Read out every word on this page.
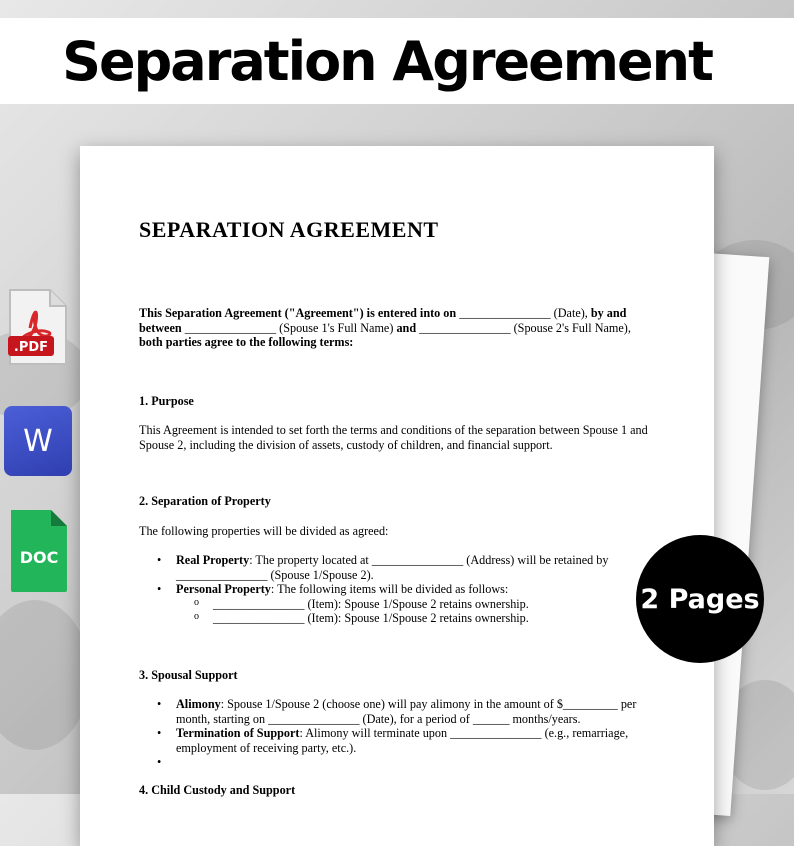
Separation Agreement
SEPARATION AGREEMENT
This Separation Agreement ("Agreement") is entered into on _______________ (Date), by and between _______________ (Spouse 1's Full Name) and _______________ (Spouse 2's Full Name), both parties agree to the following terms:
1. Purpose
This Agreement is intended to set forth the terms and conditions of the separation between Spouse 1 and Spouse 2, including the division of assets, custody of children, and financial support.
2. Separation of Property
The following properties will be divided as agreed:
• Real Property: The property located at _______________ (Address) will be retained by _______________ (Spouse 1/Spouse 2).
• Personal Property: The following items will be divided as follows:
o _______________ (Item): Spouse 1/Spouse 2 retains ownership.
o _______________ (Item): Spouse 1/Spouse 2 retains ownership.
3. Spousal Support
• Alimony: Spouse 1/Spouse 2 (choose one) will pay alimony in the amount of $_________ per month, starting on _______________ (Date), for a period of ______ months/years.
• Termination of Support: Alimony will terminate upon _______________ (e.g., remarriage, employment of receiving party, etc.).
•
4. Child Custody and Support
.PDF
W
DOC
2 Pages
